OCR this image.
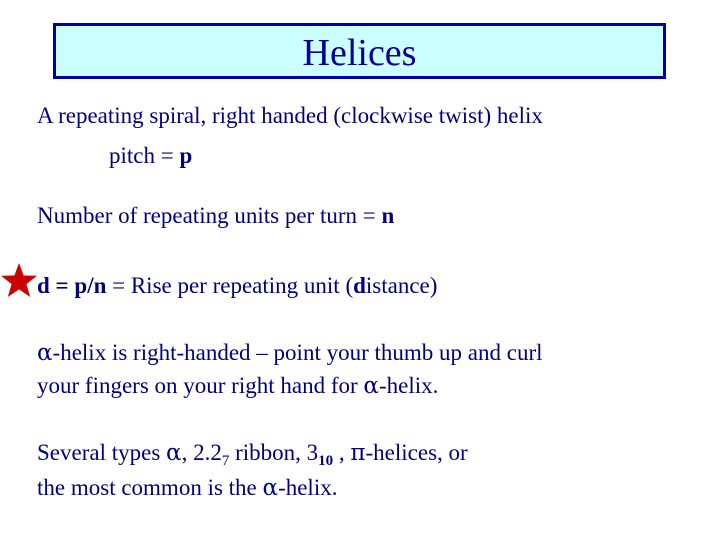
Helices
A repeating spiral, right handed (clockwise twist) helix
pitch = p
Number of repeating units per turn = n
d = p/n = Rise per repeating unit (distance)
α-helix is right-handed – point your thumb up and curl
your fingers on your right hand for α-helix.
Several types α, $2.2_7$ ribbon, $3_{10}$ , π-helices, or
the most common is the α-helix.
